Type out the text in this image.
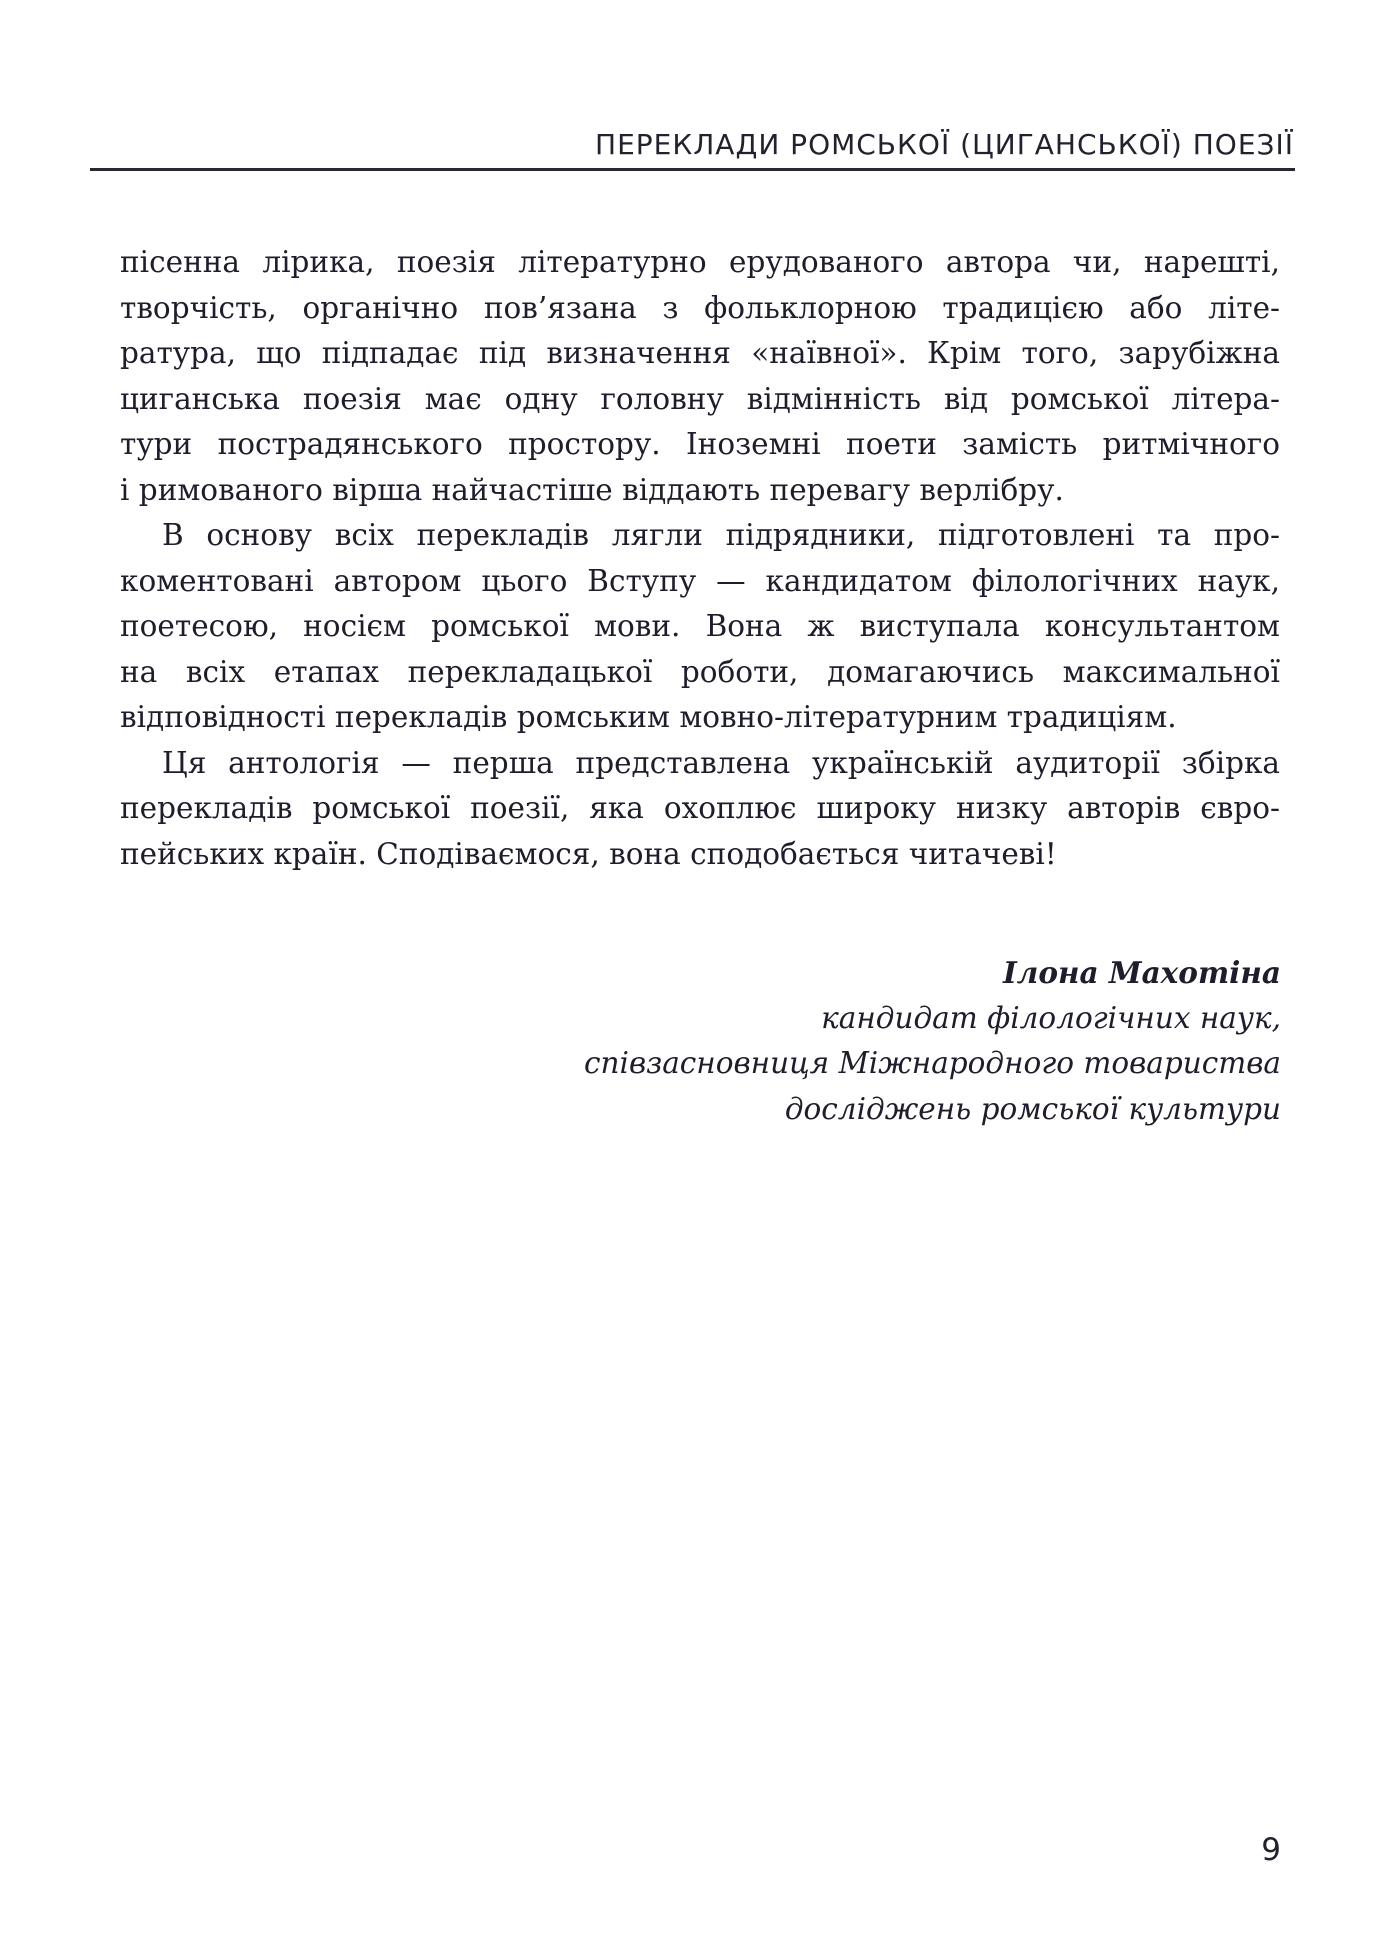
ПЕРЕКЛАДИ РОМСЬКОЇ (ЦИГАНСЬКОЇ) ПОЕЗІЇ
пісенна лірика, поезія літературно ерудованого автора чи, нарешті,
творчість, органічно пов’язана з фольклорною традицією або літе-
ратура, що підпадає під визначення «наївної». Крім того, зарубіжна
циганська поезія має одну головну відмінність від ромської літера-
тури пострадянського простору. Іноземні поети замість ритмічного
і римованого вірша найчастіше віддають перевагу верлібру.
В основу всіх перекладів лягли підрядники, підготовлені та про-
коментовані автором цього Вступу — кандидатом філологічних наук,
поетесою, носієм ромської мови. Вона ж виступала консультантом
на всіх етапах перекладацької роботи, домагаючись максимальної
відповідності перекладів ромським мовно-літературним традиціям.
Ця антологія — перша представлена українській аудиторії збірка
перекладів ромської поезії, яка охоплює широку низку авторів євро-
пейських країн. Сподіваємося, вона сподобається читачеві!
Ілона Махотіна
кандидат філологічних наук,
співзасновниця Міжнародного товариства
досліджень ромської культури
9
